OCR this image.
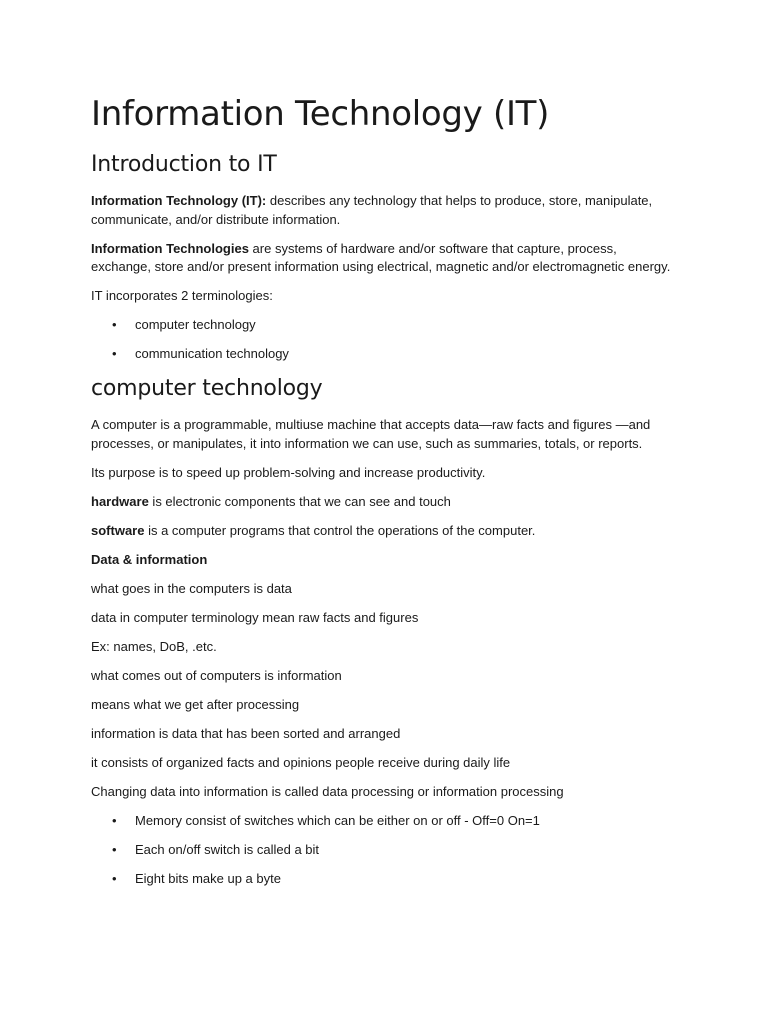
Information Technology (IT)
Introduction to IT

Information Technology (IT): describes any technology that helps to produce, store, manipulate, communicate, and/or distribute information.

Information Technologies are systems of hardware and/or software that capture, process, exchange, store and/or present information using electrical, magnetic and/or electromagnetic energy.

IT incorporates 2 terminologies:

• computer technology
• communication technology
computer technology

A computer is a programmable, multiuse machine that accepts data—raw facts and figures —and processes, or manipulates, it into information we can use, such as summaries, totals, or reports.

Its purpose is to speed up problem-solving and increase productivity.

hardware is electronic components that we can see and touch

software is a computer programs that control the operations of the computer.

Data & information

what goes in the computers is data

data in computer terminology mean raw facts and figures

Ex: names, DoB, .etc.

what comes out of computers is information

means what we get after processing

information is data that has been sorted and arranged

it consists of organized facts and opinions people receive during daily life

Changing data into information is called data processing or information processing

• Memory consist of switches which can be either on or off - Off=0 On=1
• Each on/off switch is called a bit
• Eight bits make up a byte
